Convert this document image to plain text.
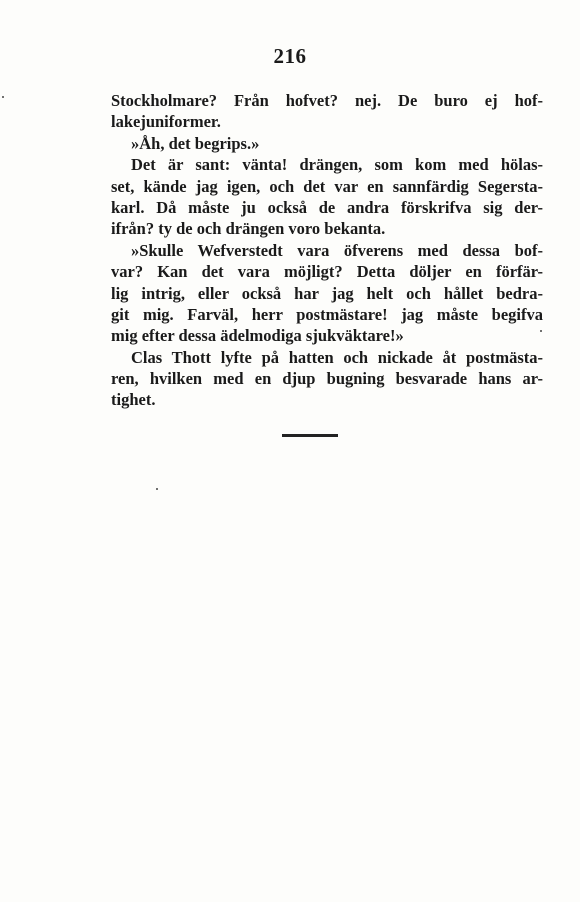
216
Stockholmare? Från hofvet? nej. De buro ej hof-
lakejuniformer.
»Åh, det begrips.»
Det är sant: vänta! drängen, som kom med hölas-
set, kände jag igen, och det var en sannfärdig Segersta-
karl. Då måste ju också de andra förskrifva sig der-
ifrån? ty de och drängen voro bekanta.
»Skulle Wefverstedt vara öfverens med dessa bof-
var? Kan det vara möjligt? Detta döljer en förfär-
lig intrig, eller också har jag helt och hållet bedra-
git mig. Farväl, herr postmästare! jag måste begifva
mig efter dessa ädelmodiga sjukväktare!»
Clas Thott lyfte på hatten och nickade åt postmästa-
ren, hvilken med en djup bugning besvarade hans ar-
tighet.
